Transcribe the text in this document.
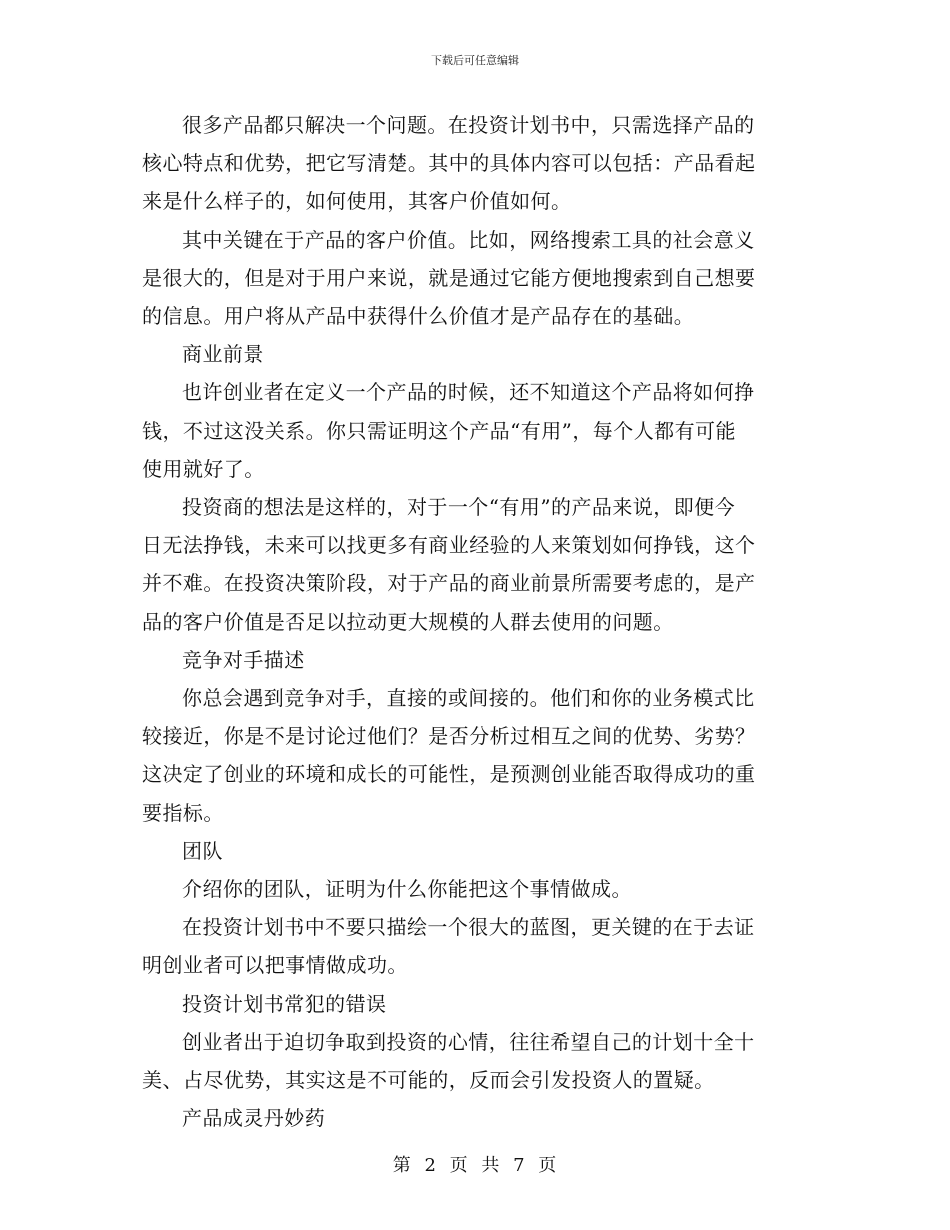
下载后可任意编辑

很多产品都只解决一个问题。在投资计划书中，只需选择产品的
核心特点和优势，把它写清楚。其中的具体内容可以包括：产品看起
来是什么样子的，如何使用，其客户价值如何。

其中关键在于产品的客户价值。比如，网络搜索工具的社会意义
是很大的，但是对于用户来说，就是通过它能方便地搜索到自己想要
的信息。用户将从产品中获得什么价值才是产品存在的基础。

商业前景

也许创业者在定义一个产品的时候，还不知道这个产品将如何挣
钱，不过这没关系。你只需证明这个产品“有用”，每个人都有可能
使用就好了。

投资商的想法是这样的，对于一个“有用”的产品来说，即便今
日无法挣钱，未来可以找更多有商业经验的人来策划如何挣钱，这个
并不难。在投资决策阶段，对于产品的商业前景所需要考虑的，是产
品的客户价值是否足以拉动更大规模的人群去使用的问题。

竞争对手描述

你总会遇到竞争对手，直接的或间接的。他们和你的业务模式比
较接近，你是不是讨论过他们？是否分析过相互之间的优势、劣势？
这决定了创业的环境和成长的可能性，是预测创业能否取得成功的重
要指标。

团队

介绍你的团队，证明为什么你能把这个事情做成。

在投资计划书中不要只描绘一个很大的蓝图，更关键的在于去证
明创业者可以把事情做成功。

投资计划书常犯的错误

创业者出于迫切争取到投资的心情，往往希望自己的计划十全十
美、占尽优势，其实这是不可能的，反而会引发投资人的置疑。

产品成灵丹妙药

第 2 页 共 7 页
